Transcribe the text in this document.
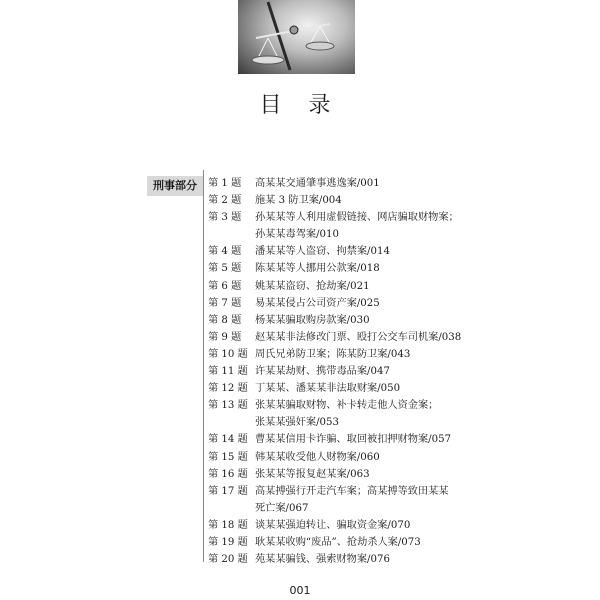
目 录
刑事部分	第 1 题	高某某交通肇事逃逸案/001
第 2 题	施某 3 防卫案/004
第 3 题	孙某某等人利用虚假链接、网店骗取财物案；
孙某某毒驾案/010
第 4 题	潘某某等人盗窃、拘禁案/014
第 5 题	陈某某等人挪用公款案/018
第 6 题	姚某某盗窃、抢劫案/021
第 7 题	易某某侵占公司资产案/025
第 8 题	杨某某骗取购房款案/030
第 9 题	赵某某非法修改门票、殴打公交车司机案/038
第 10 题 周氏兄弟防卫案；陈某防卫案/043
第 11 题 许某某劫财、携带毒品案/047
第 12 题 丁某某、潘某某非法取财案/050
第 13 题 张某某骗取财物、补卡转走他人资金案；
张某某强奸案/053
第 14 题 曹某某信用卡诈骗、取回被扣押财物案/057
第 15 题 韩某某收受他人财物案/060
第 16 题 张某某等报复赵某案/063
第 17 题 高某搏强行开走汽车案；高某搏等致田某某
死亡案/067
第 18 题 谈某某强迫转让、骗取资金案/070
第 19 题 耿某某收购“废品”、抢劫杀人案/073
第 20 题 苑某某骗钱、强索财物案/076
001
